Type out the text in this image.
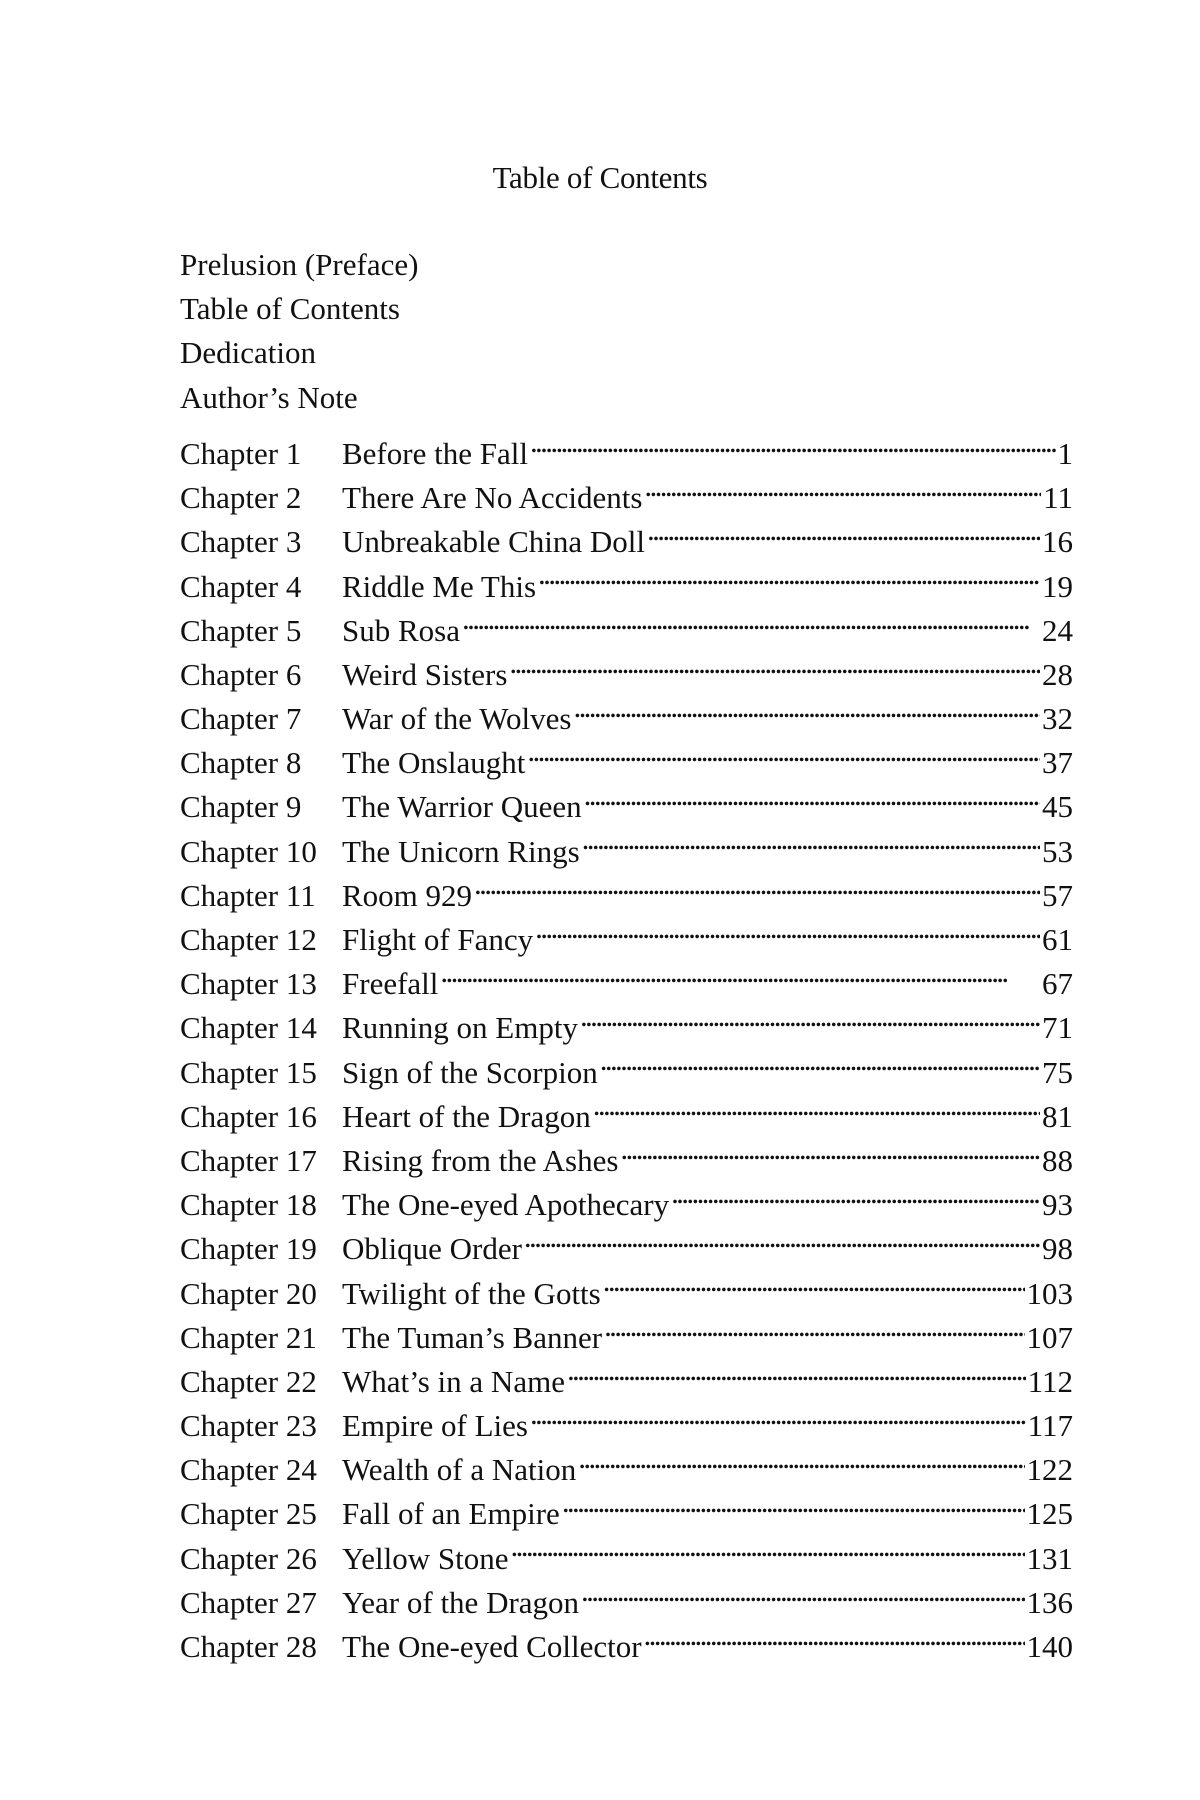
Table of Contents
Prelusion (Preface)
Table of Contents
Dedication
Author’s Note
Chapter 1	Before the Fall . . .	1
Chapter 2	There Are No Accidents . . .	11
Chapter 3	Unbreakable China Doll . . .	16
Chapter 4	Riddle Me This . . .	19
Chapter 5	Sub Rosa . . .	24
Chapter 6	Weird Sisters . . .	28
Chapter 7	War of the Wolves . . .	32
Chapter 8	The Onslaught . . .	37
Chapter 9	The Warrior Queen . . .	45
Chapter 10 The Unicorn Rings . . .	53
Chapter 11 Room 929 . . .	57
Chapter 12 Flight of Fancy . . .	61
Chapter 13 Freefall . . .	67
Chapter 14 Running on Empty . . .	71
Chapter 15 Sign of the Scorpion . . .	75
Chapter 16 Heart of the Dragon . . .	81
Chapter 17 Rising from the Ashes . . .	88
Chapter 18 The One-eyed Apothecary . . .	93
Chapter 19 Oblique Order . . .	98
Chapter 20 Twilight of the Gotts . . .	103
Chapter 21 The Tuman’s Banner . . .	107
Chapter 22 What’s in a Name . . .	112
Chapter 23 Empire of Lies . . .	117
Chapter 24 Wealth of a Nation . . .	122
Chapter 25 Fall of an Empire . . .	125
Chapter 26 Yellow Stone . . .	131
Chapter 27 Year of the Dragon . . .	136
Chapter 28 The One-eyed Collector . . .	140
